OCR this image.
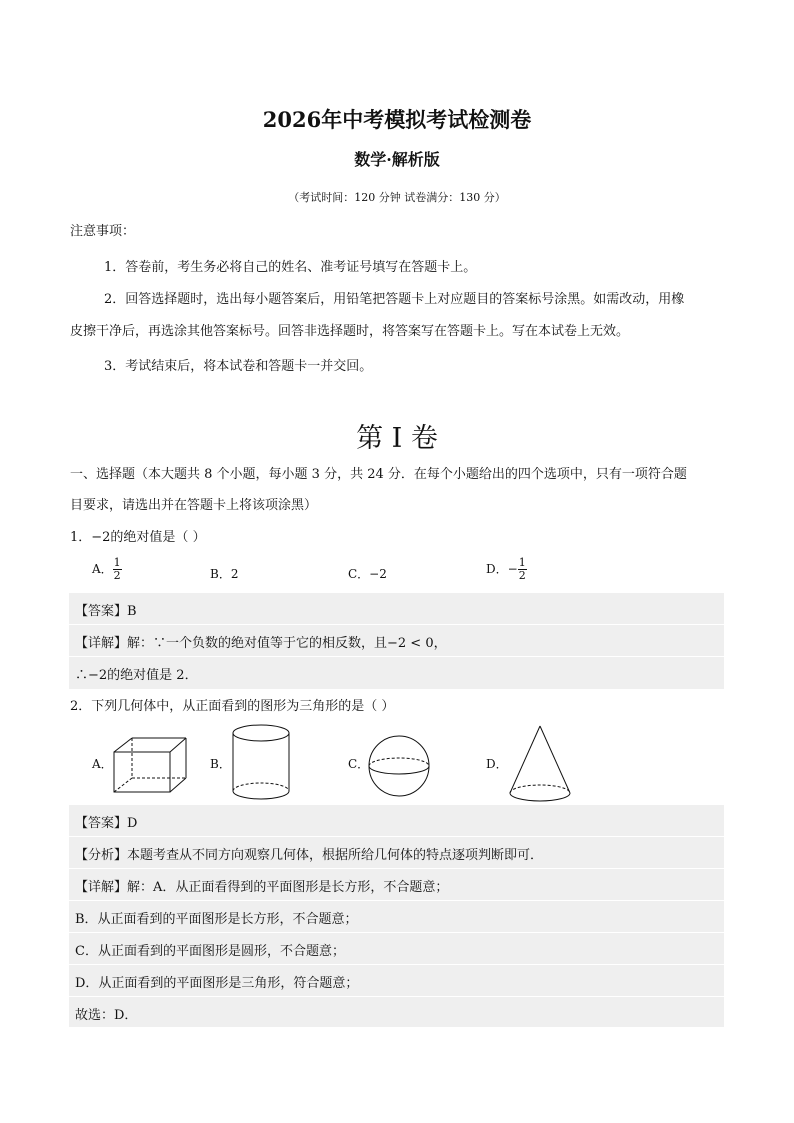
2026年中考模拟考试检测卷
数学·解析版
（考试时间：120 分钟 试卷满分：130 分）
注意事项：
1．答卷前，考生务必将自己的姓名、准考证号填写在答题卡上。
2．回答选择题时，选出每小题答案后，用铅笔把答题卡上对应题目的答案标号涂黑。如需改动，用橡
皮擦干净后，再选涂其他答案标号。回答非选择题时，将答案写在答题卡上。写在本试卷上无效。
3．考试结束后，将本试卷和答题卡一并交回。
第 I 卷
一、选择题（本大题共 8 个小题，每小题 3 分，共 24 分．在每个小题给出的四个选项中，只有一项符合题
目要求，请选出并在答题卡上将该项涂黑）
1．−2的绝对值是（ ）
A． $\frac{1}{2}$	B．2	C．−2	D．− $\frac{1}{2}$
【答案】B
【详解】解：∵一个负数的绝对值等于它的相反数，且−2 < 0，
∴−2的绝对值是 2．
2．下列几何体中，从正面看到的图形为三角形的是（ ）
A．	B．	C．	D．
【答案】D
【分析】本题考查从不同方向观察几何体，根据所给几何体的特点逐项判断即可．
【详解】解：A．从正面看得到的平面图形是长方形，不合题意；
B．从正面看到的平面图形是长方形，不合题意；
C．从正面看到的平面图形是圆形，不合题意；
D．从正面看到的平面图形是三角形，符合题意；
故选：D．
